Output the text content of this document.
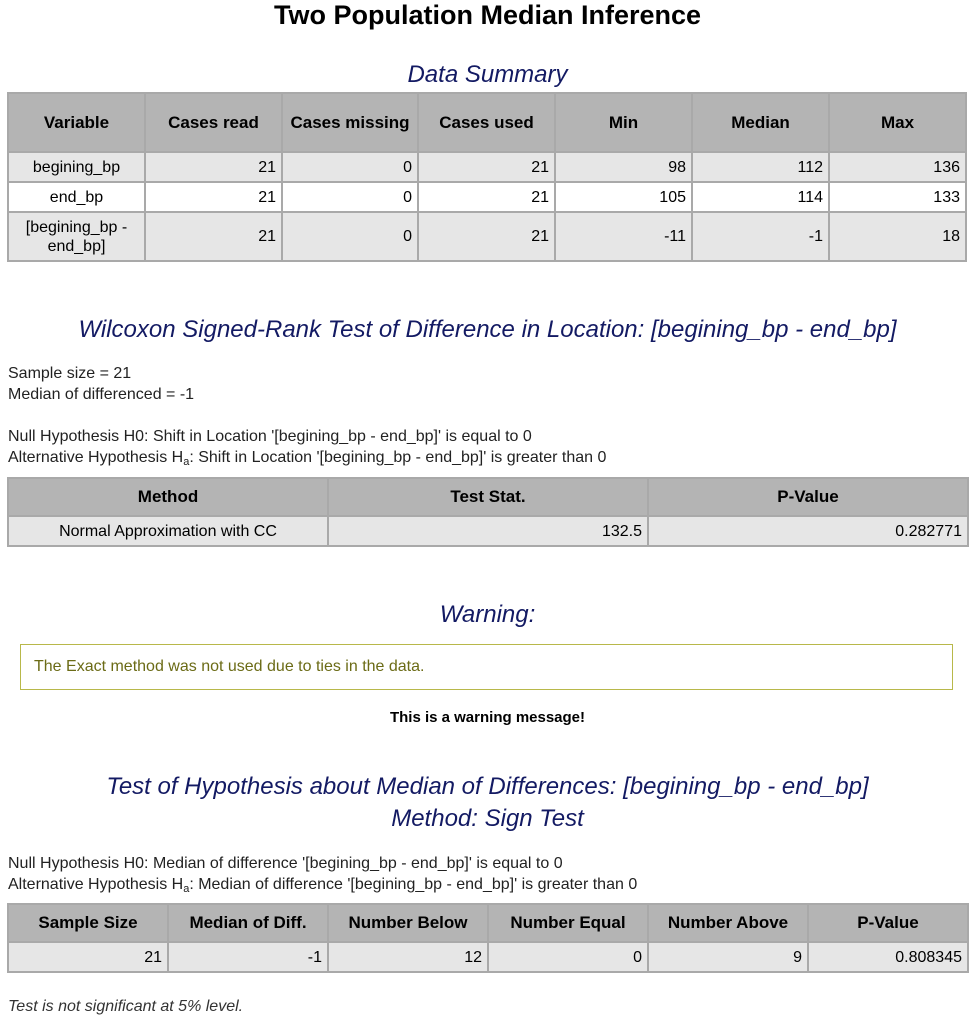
Two Population Median Inference
Data Summary
Variable	Cases read	Cases missing	Cases used	Min	Median	Max
begining_bp	21	0	21	98	112	136
end_bp	21	0	21	105	114	133
[begining_bp - end_bp]	21	0	21	-11	-1	18
Wilcoxon Signed-Rank Test of Difference in Location: [begining_bp - end_bp]
Sample size = 21
Median of differenced = -1
Null Hypothesis H0: Shift in Location '[begining_bp - end_bp]' is equal to 0
Alternative Hypothesis $H_a$: Shift in Location '[begining_bp - end_bp]' is greater than 0
Method	Test Stat.	P-Value
Normal Approximation with CC	132.5	0.282771
Warning:
The Exact method was not used due to ties in the data.
This is a warning message!
Test of Hypothesis about Median of Differences: [begining_bp - end_bp]
Method: Sign Test
Null Hypothesis H0: Median of difference '[begining_bp - end_bp]' is equal to 0
Alternative Hypothesis $H_a$: Median of difference '[begining_bp - end_bp]' is greater than 0
Sample Size	Median of Diff.	Number Below	Number Equal	Number Above	P-Value
21	-1	12	0	9	0.808345
Test is not significant at 5% level.
